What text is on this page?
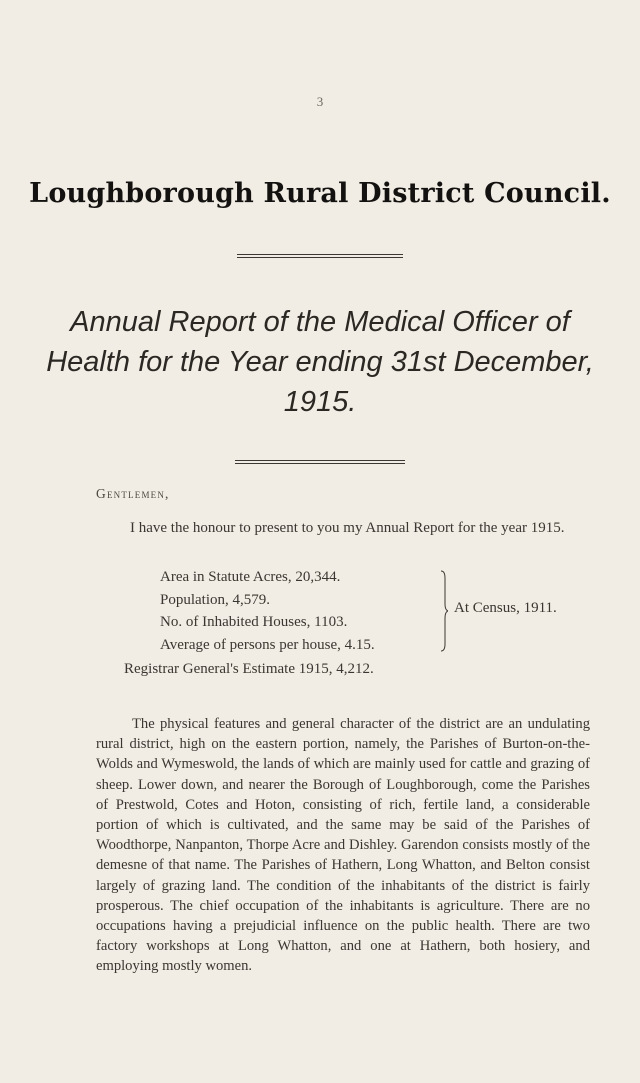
3
Loughborough Rural District Council.
Annual Report of the Medical Officer of
Health for the Year ending 31st December,
1915.
Gentlemen,
I have the honour to present to you my Annual Report for the year 1915.
Area in Statute Acres, 20,344.
Population, 4,579.
No. of Inhabited Houses, 1103.
Average of persons per house, 4.15.
At Census, 1911.
Registrar General's Estimate 1915, 4,212.
The physical features and general character of the district are an undulating rural district, high on the eastern portion, namely, the Parishes of Burton-on-the-Wolds and Wymeswold, the lands of which are mainly used for cattle and grazing of sheep. Lower down, and nearer the Borough of Loughborough, come the Parishes of Prestwold, Cotes and Hoton, consisting of rich, fertile land, a considerable portion of which is cultivated, and the same may be said of the Parishes of Woodthorpe, Nanpanton, Thorpe Acre and Dishley. Garendon consists mostly of the demesne of that name. The Parishes of Hathern, Long Whatton, and Belton consist largely of grazing land. The condition of the inhabitants of the district is fairly prosperous. The chief occupation of the inhabitants is agriculture. There are no occupations having a prejudicial influence on the public health. There are two factory workshops at Long Whatton, and one at Hathern, both hosiery, and employing mostly women.
